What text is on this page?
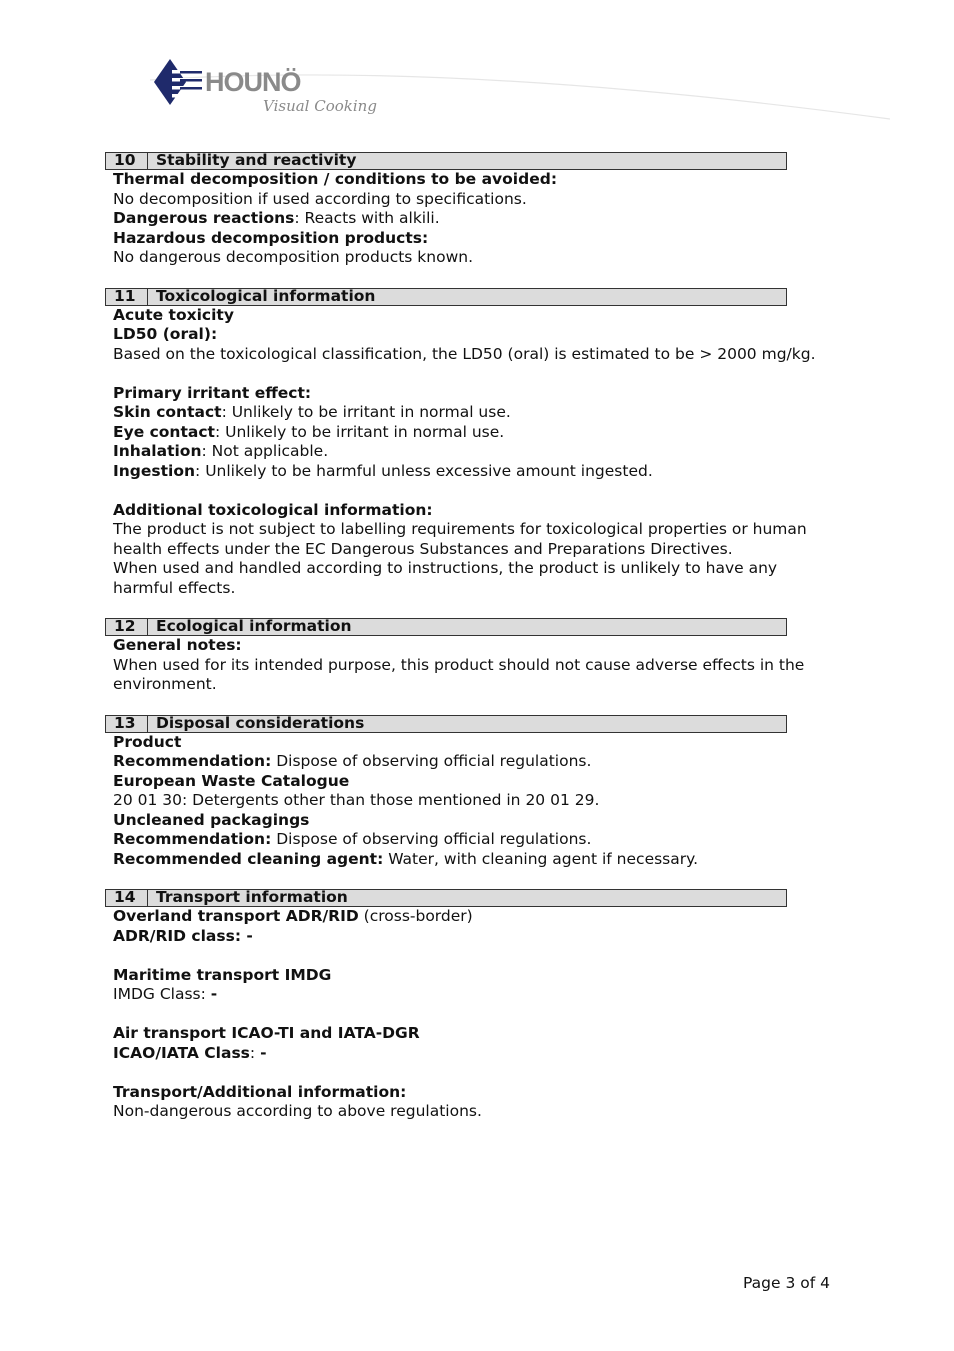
HOUNÖ
Visual Cooking
10	Stability and reactivity
Thermal decomposition / conditions to be avoided:
No decomposition if used according to specifications.
Dangerous reactions: Reacts with alkili.
Hazardous decomposition products:
No dangerous decomposition products known.
11	Toxicological information
Acute toxicity
LD50 (oral):
Based on the toxicological classification, the LD50 (oral) is estimated to be > 2000 mg/kg.
Primary irritant effect:
Skin contact: Unlikely to be irritant in normal use.
Eye contact: Unlikely to be irritant in normal use.
Inhalation: Not applicable.
Ingestion: Unlikely to be harmful unless excessive amount ingested.
Additional toxicological information:
The product is not subject to labelling requirements for toxicological properties or human
health effects under the EC Dangerous Substances and Preparations Directives.
When used and handled according to instructions, the product is unlikely to have any
harmful effects.
12	Ecological information
General notes:
When used for its intended purpose, this product should not cause adverse effects in the
environment.
13	Disposal considerations
Product
Recommendation: Dispose of observing official regulations.
European Waste Catalogue
20 01 30: Detergents other than those mentioned in 20 01 29.
Uncleaned packagings
Recommendation: Dispose of observing official regulations.
Recommended cleaning agent: Water, with cleaning agent if necessary.
14	Transport information
Overland transport ADR/RID (cross-border)
ADR/RID class: -
Maritime transport IMDG
IMDG Class: -
Air transport ICAO-TI and IATA-DGR
ICAO/IATA Class: -
Transport/Additional information:
Non-dangerous according to above regulations.
Page 3 of 4
